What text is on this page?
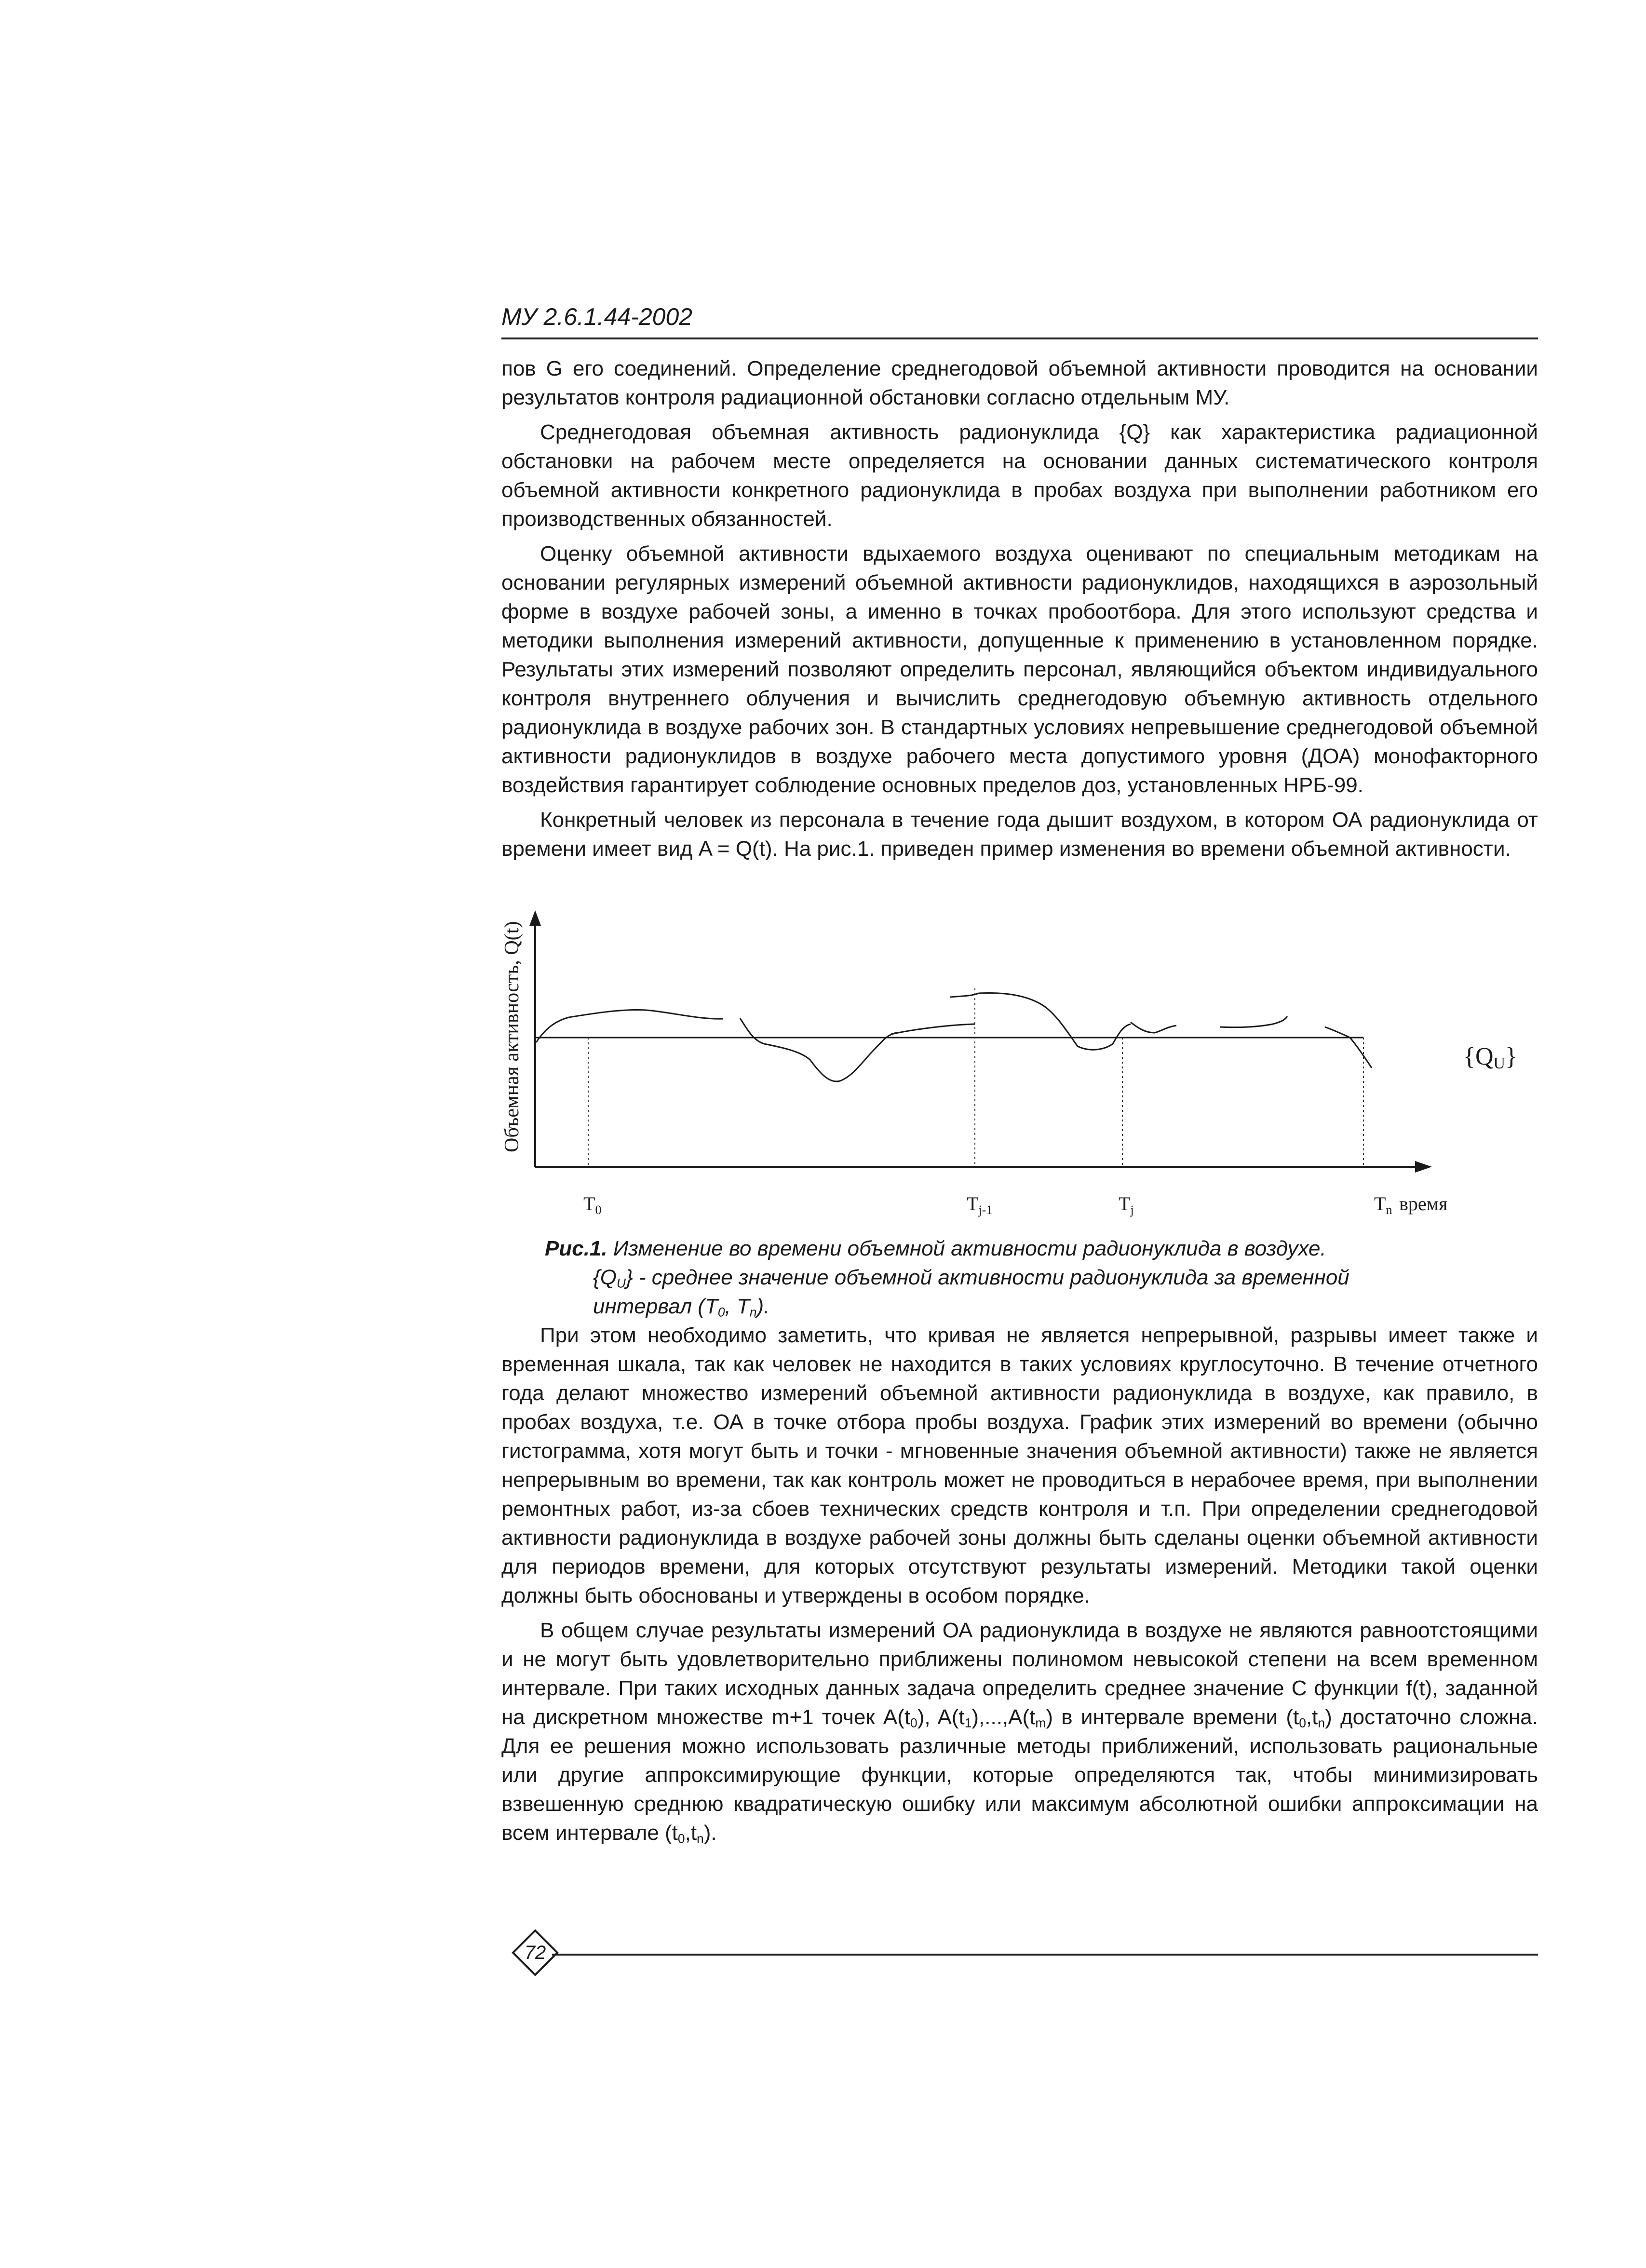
МУ 2.6.1.44-2002

пов G его соединений. Определение среднегодовой объемной активности проводится на основании результатов контроля радиационной обстановки согласно отдельным МУ.

Среднегодовая объемная активность радионуклида {Q} как характеристика радиационной обстановки на рабочем месте определяется на основании данных систематического контроля объемной активности конкретного радионуклида в пробах воздуха при выполнении работником его производственных обязанностей.

Оценку объемной активности вдыхаемого воздуха оценивают по специальным методикам на основании регулярных измерений объемной активности радионуклидов, находящихся в аэрозольный форме в воздухе рабочей зоны, а именно в точках пробоотбора. Для этого используют средства и методики выполнения измерений активности, допущенные к применению в установленном порядке. Результаты этих измерений позволяют определить персонал, являющийся объектом индивидуального контроля внутреннего облучения и вычислить среднегодовую объемную активность отдельного радионуклида в воздухе рабочих зон. В стандартных условиях непревышение среднегодовой объемной активности радионуклидов в воздухе рабочего места допустимого уровня (ДОА) монофакторного воздействия гарантирует соблюдение основных пределов доз, установленных НРБ-99.

Конкретный человек из персонала в течение года дышит воздухом, в котором ОА радионуклида от времени имеет вид A = Q(t). На рис.1. приведен пример изменения во времени объемной активности.

Объемная активность, Q(t)	{QU}
$T_0$	$T_{j-1}$	$T_j$	$T_n$ время
Рис.1. Изменение во времени объемной активности радионуклида в воздухе.
$\{Q_U\}$ - среднее значение объемной активности радионуклида за временной
интервал ($T_0$, $T_n$).

При этом необходимо заметить, что кривая не является непрерывной, разрывы имеет также и временная шкала, так как человек не находится в таких условиях круглосуточно. В течение отчетного года делают множество измерений объемной активности радионуклида в воздухе, как правило, в пробах воздуха, т.е. ОА в точке отбора пробы воздуха. График этих измерений во времени (обычно гистограмма, хотя могут быть и точки - мгновенные значения объемной активности) также не является непрерывным во времени, так как контроль может не проводиться в нерабочее время, при выполнении ремонтных работ, из-за сбоев технических средств контроля и т.п. При определении среднегодовой активности радионуклида в воздухе рабочей зоны должны быть сделаны оценки объемной активности для периодов времени, для которых отсутствуют результаты измерений. Методики такой оценки должны быть обоснованы и утверждены в особом порядке.

В общем случае результаты измерений ОА радионуклида в воздухе не являются равноотстоящими и не могут быть удовлетворительно приближены полиномом невысокой степени на всем временном интервале. При таких исходных данных задача определить среднее значение C функции f(t), заданной на дискретном множестве m+1 точек $A(t_0)$, $A(t_1),...,A(t_m)$ в интервале времени $(t_0,t_n)$ достаточно сложна. Для ее решения можно использовать различные методы приближений, использовать рациональные или другие аппроксимирующие функции, которые определяются так, чтобы минимизировать взвешенную среднюю квадратическую ошибку или максимум абсолютной ошибки аппроксимации на всем интервале $(t_0,t_n)$.

72
